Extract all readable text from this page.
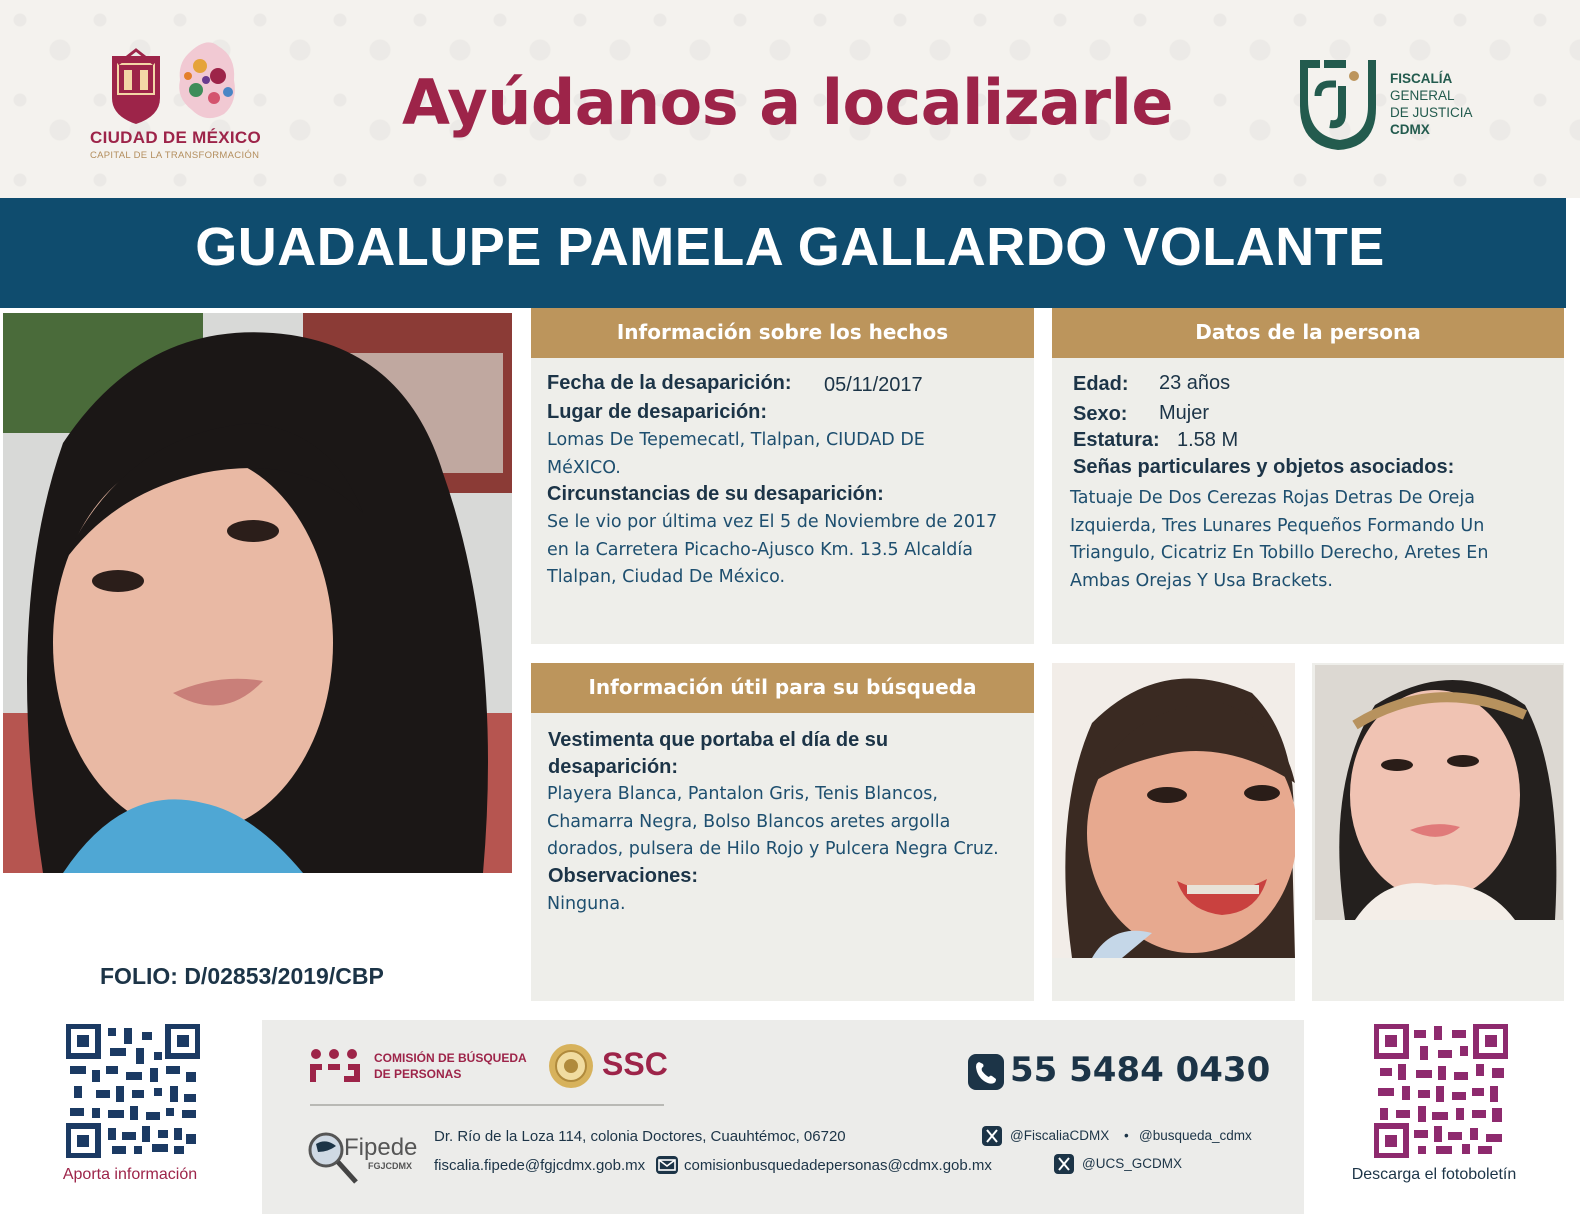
CIUDAD DE MÉXICO
CAPITAL DE LA TRANSFORMACIÓN
Ayúdanos a localizarle	FISCALÍA
GENERAL
DE JUSTICIA
CDMX
GUADALUPE PAMELA GALLARDO VOLANTE
Información sobre los hechos
Fecha de la desaparición: 05/11/2017
Lugar de desaparición:
Lomas De Tepemecatl, Tlalpan, CIUDAD DE
MéXICO.
Circunstancias de su desaparición:
Se le vio por última vez El 5 de Noviembre de 2017
en la Carretera Picacho-Ajusco Km. 13.5 Alcaldía
Tlalpan, Ciudad De México.
Datos de la persona
Edad: 23 años
Sexo: Mujer
Estatura: 1.58 M
Señas particulares y objetos asociados:
Tatuaje De Dos Cerezas Rojas Detras De Oreja
Izquierda, Tres Lunares Pequeños Formando Un
Triangulo, Cicatriz En Tobillo Derecho, Aretes En
Ambas Orejas Y Usa Brackets.
Información útil para su búsqueda
Vestimenta que portaba el día de su
desaparición:
Playera Blanca, Pantalon Gris, Tenis Blancos,
Chamarra Negra, Bolso Blancos aretes argolla
dorados, pulsera de Hilo Rojo y Pulcera Negra Cruz.
Observaciones:
Ninguna.
FOLIO: D/02853/2019/CBP
Aporta información
COMISIÓN DE BÚSQUEDA
DE PERSONAS	SSC	55 5484 0430
Fipede
FGJCDMX
Dr. Río de la Loza 114, colonia Doctores, Cuauhtémoc, 06720
fiscalia.fipede@fgjcdmx.gob.mx	comisionbusquedadepersonas@cdmx.gob.mx
@FiscaliaCDMX • @busqueda_cdmx
@UCS_GCDMX
Descarga el fotoboletín
